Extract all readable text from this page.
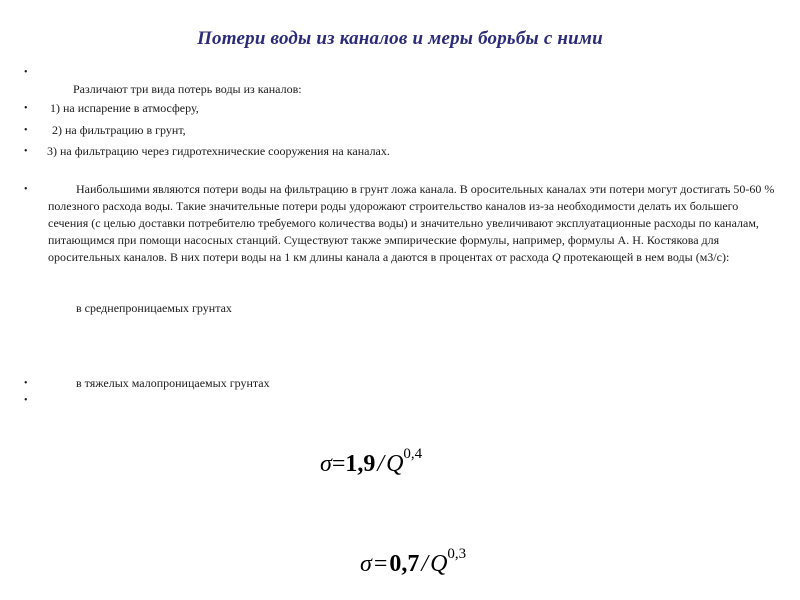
Потери воды из каналов и меры борьбы с ними
•
Различают три вида потерь воды из каналов:
• 1) на испарение в атмосферу,
• 2) на фильтрацию в грунт,
• 3) на фильтрацию через гидротехнические сооружения на каналах.
•	Наибольшими являются потери воды на фильтрацию в грунт ложа канала. В оросительных каналах эти потери могут достигать 50-60 % полезного расхода воды. Такие значительные потери роды удорожают строительство каналов из-за необходимости делать их большего сечения (с целью доставки потребителю требуемого количества воды) и значительно увеличивают эксплуатационные расходы по каналам, питающимся при помощи насосных станций. Существуют также эмпирические формулы, например, формулы А. Н. Костякова для оросительных каналов. В них потери воды на 1 км длины канала а даются в процентах от расхода Q протекающей в нем воды (м3/с):
в среднепроницаемых грунтах
•	в тяжелых малопроницаемых грунтах
•
$\sigma=1,9/Q^{0,4}$
$\sigma=0,7/Q^{0,3}$
